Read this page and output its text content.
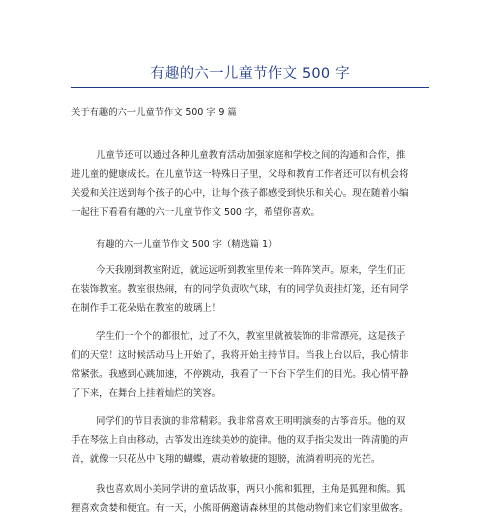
有趣的六一儿童节作文 500 字
关于有趣的六一儿童节作文 500 字 9 篇
儿童节还可以通过各种儿童教育活动加强家庭和学校之间的沟通和合作，推
进儿童的健康成长。在儿童节这一特殊日子里，父母和教育工作者还可以有机会将
关爱和关注送到每个孩子的心中，让每个孩子都感受到快乐和关心。现在随着小编
一起往下看看有趣的六一儿童节作文 500 字，希望你喜欢。
有趣的六一儿童节作文 500 字（精选篇 1）
今天我刚到教室附近，就远远听到教室里传来一阵阵笑声。原来，学生们正
在装饰教室。教室很热闹，有的同学负责吹气球，有的同学负责挂灯笼，还有同学
在制作手工花朵贴在教室的玻璃上！
学生们一个个的都很忙，过了不久，教室里就被装饰的非常漂亮，这是孩子
们的天堂！这时候活动马上开始了，我将开始主持节目。当我上台以后，我心情非
常紧张。我感到心跳加速，不停跳动，我看了一下台下学生们的目光。我心情平静
了下来，在舞台上挂着灿烂的笑容。
同学们的节目表演的非常精彩。我非常喜欢王明明演奏的古筝音乐。他的双
手在琴弦上自由移动，古筝发出连续美妙的旋律。他的双手指尖发出一阵清脆的声
音，就像一只花丛中飞翔的蝴蝶，震动着敏捷的翅膀，流淌着明亮的光芒。
我也喜欢周小美同学讲的童话故事，两只小熊和狐狸，主角是狐狸和熊。狐
狸喜欢贪婪和便宜。有一天，小熊哥俩邀请森林里的其他动物们来它们家里做客。
